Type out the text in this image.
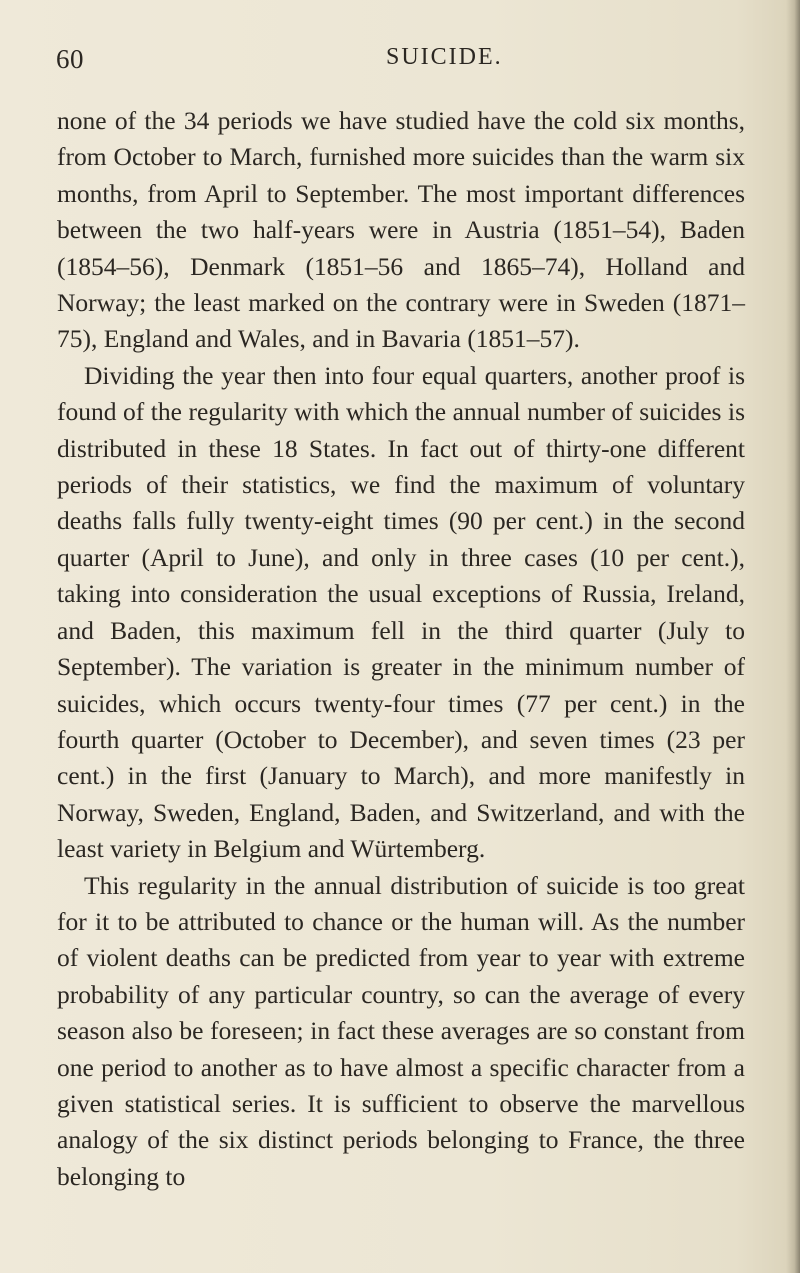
60	SUICIDE.

none of the 34 periods we have studied have the cold six months, from October to March, furnished more suicides than the warm six months, from April to September. The most important differences between the two half-years were in Austria (1851–54), Baden (1854–56), Denmark (1851–56 and 1865–74), Holland and Norway; the least marked on the contrary were in Sweden (1871–75), England and Wales, and in Bavaria (1851–57).

Dividing the year then into four equal quarters, another proof is found of the regularity with which the annual number of suicides is distributed in these 18 States. In fact out of thirty-one different periods of their statistics, we find the maximum of voluntary deaths falls fully twenty-eight times (90 per cent.) in the second quarter (April to June), and only in three cases (10 per cent.), taking into consideration the usual exceptions of Russia, Ireland, and Baden, this maximum fell in the third quarter (July to September). The variation is greater in the minimum number of suicides, which occurs twenty-four times (77 per cent.) in the fourth quarter (October to December), and seven times (23 per cent.) in the first (January to March), and more manifestly in Norway, Sweden, England, Baden, and Switzerland, and with the least variety in Belgium and Würtemberg.

This regularity in the annual distribution of suicide is too great for it to be attributed to chance or the human will. As the number of violent deaths can be predicted from year to year with extreme probability of any particular country, so can the average of every season also be foreseen; in fact these averages are so constant from one period to another as to have almost a specific character from a given statistical series. It is sufficient to observe the marvellous analogy of the six distinct periods belonging to France, the three belonging to
